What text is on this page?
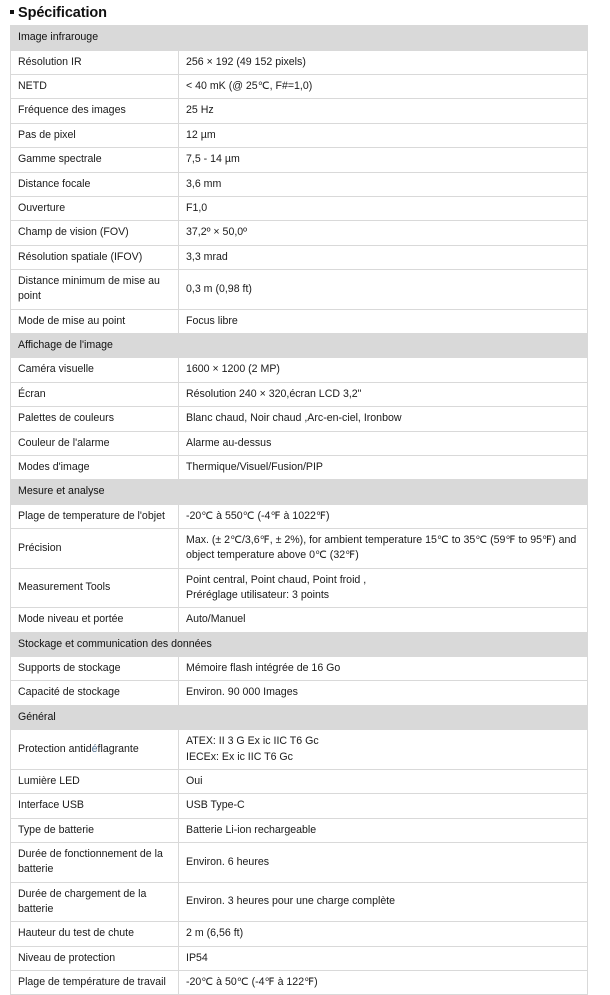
Spécification
Image infrarouge	
Résolution IR	256 × 192 (49 152 pixels)
NETD	< 40 mK (@ 25℃, F#=1,0)
Fréquence des images	25 Hz
Pas de pixel	12 µm
Gamme spectrale	7,5 - 14 µm
Distance focale	3,6 mm
Ouverture	F1,0
Champ de vision (FOV)	37,2º × 50,0º
Résolution spatiale (IFOV)	3,3 mrad
Distance minimum de mise au point	0,3 m (0,98 ft)
Mode de mise au point	Focus libre
Affichage de l'image	
Caméra visuelle	1600 × 1200 (2 MP)
Écran	Résolution 240 × 320,écran LCD 3,2"
Palettes de couleurs	Blanc chaud, Noir chaud ,Arc-en-ciel, Ironbow
Couleur de l'alarme	Alarme au-dessus
Modes d'image	Thermique/Visuel/Fusion/PIP
Mesure et analyse	
Plage de temperature de l'objet	-20℃ à 550℃ (-4℉ à 1022℉)
Précision	Max. (± 2℃/3,6℉, ± 2%), for ambient temperature 15℃ to 35℃ (59℉ to 95℉) and object temperature above 0℃ (32℉)
Measurement Tools	Point central, Point chaud, Point froid ,
Préréglage utilisateur: 3 points

Mode niveau et portée	Auto/Manuel
Stockage et communication des données	
Supports de stockage	Mémoire flash intégrée de 16 Go
Capacité de stockage	Environ. 90 000 Images
Général	
Protection antidéflagrante	ATEX: II 3 G Ex ic IIC T6 Gc
IECEx: Ex ic IIC T6 Gc

Lumière LED	Oui
Interface USB	USB Type-C
Type de batterie	Batterie Li-ion rechargeable
Durée de fonctionnement de la batterie	Environ. 6 heures
Durée de chargement de la batterie	Environ. 3 heures pour une charge complète
Hauteur du test de chute	2 m (6,56 ft)
Niveau de protection	IP54
Plage de température de travail	-20℃ à 50℃ (-4℉ à 122℉)
